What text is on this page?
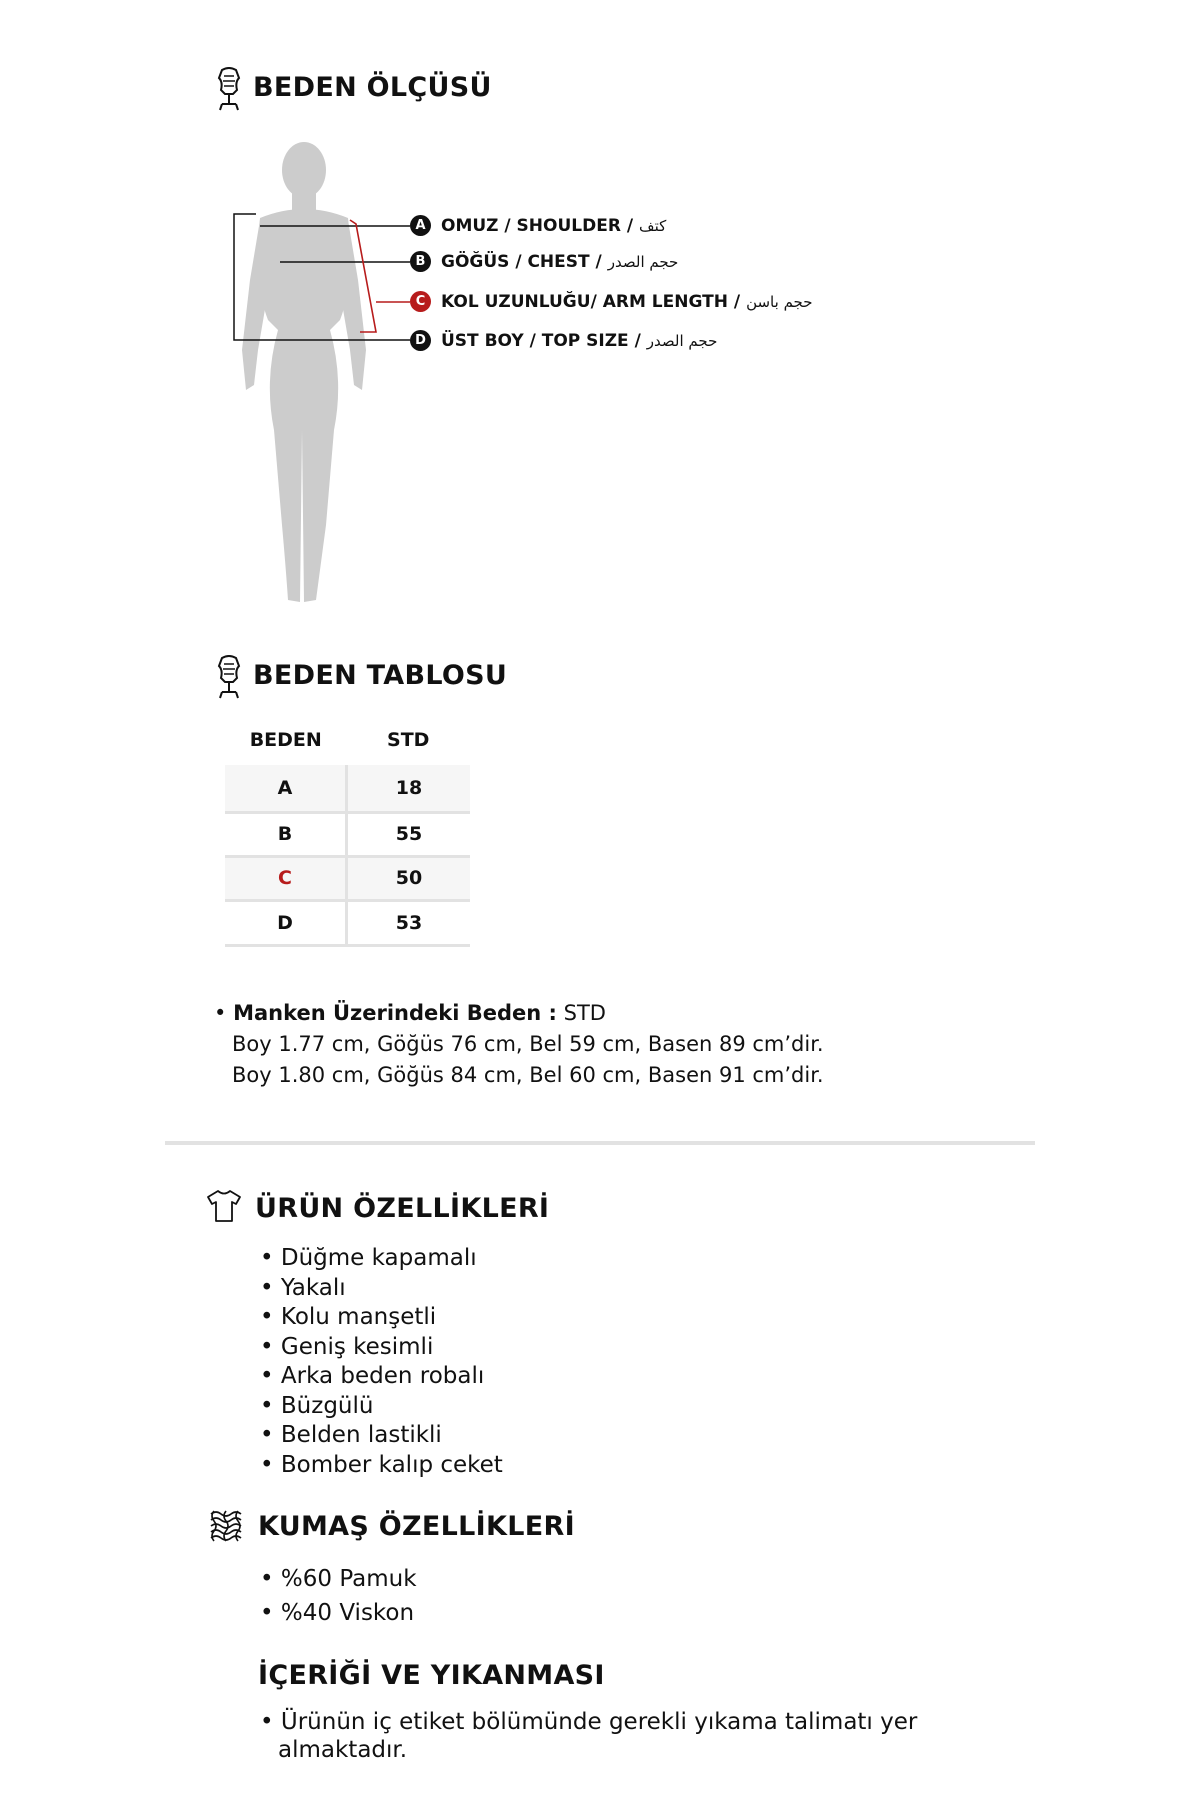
BEDEN ÖLÇÜSÜ
A OMUZ / SHOULDER / كتف
B GÖĞÜS / CHEST / حجم الصدر
C KOL UZUNLUĞU/ ARM LENGTH / حجم باسن
D ÜST BOY / TOP SIZE / حجم الصدر
BEDEN TABLOSU
BEDEN	STD
A	18
B	55
C	50
D	53
• Manken Üzerindeki Beden : STD
Boy 1.77 cm, Göğüs 76 cm, Bel 59 cm, Basen 89 cm’dir.
Boy 1.80 cm, Göğüs 84 cm, Bel 60 cm, Basen 91 cm’dir.
ÜRÜN ÖZELLİKLERİ
• Düğme kapamalı
• Yakalı
• Kolu manşetli
• Geniş kesimli
• Arka beden robalı
• Büzgülü
• Belden lastikli
• Bomber kalıp ceket
KUMAŞ ÖZELLİKLERİ
• %60 Pamuk
• %40 Viskon
İÇERİĞİ VE YIKANMASI
• Ürünün iç etiket bölümünde gerekli yıkama talimatı yer
almaktadır.
